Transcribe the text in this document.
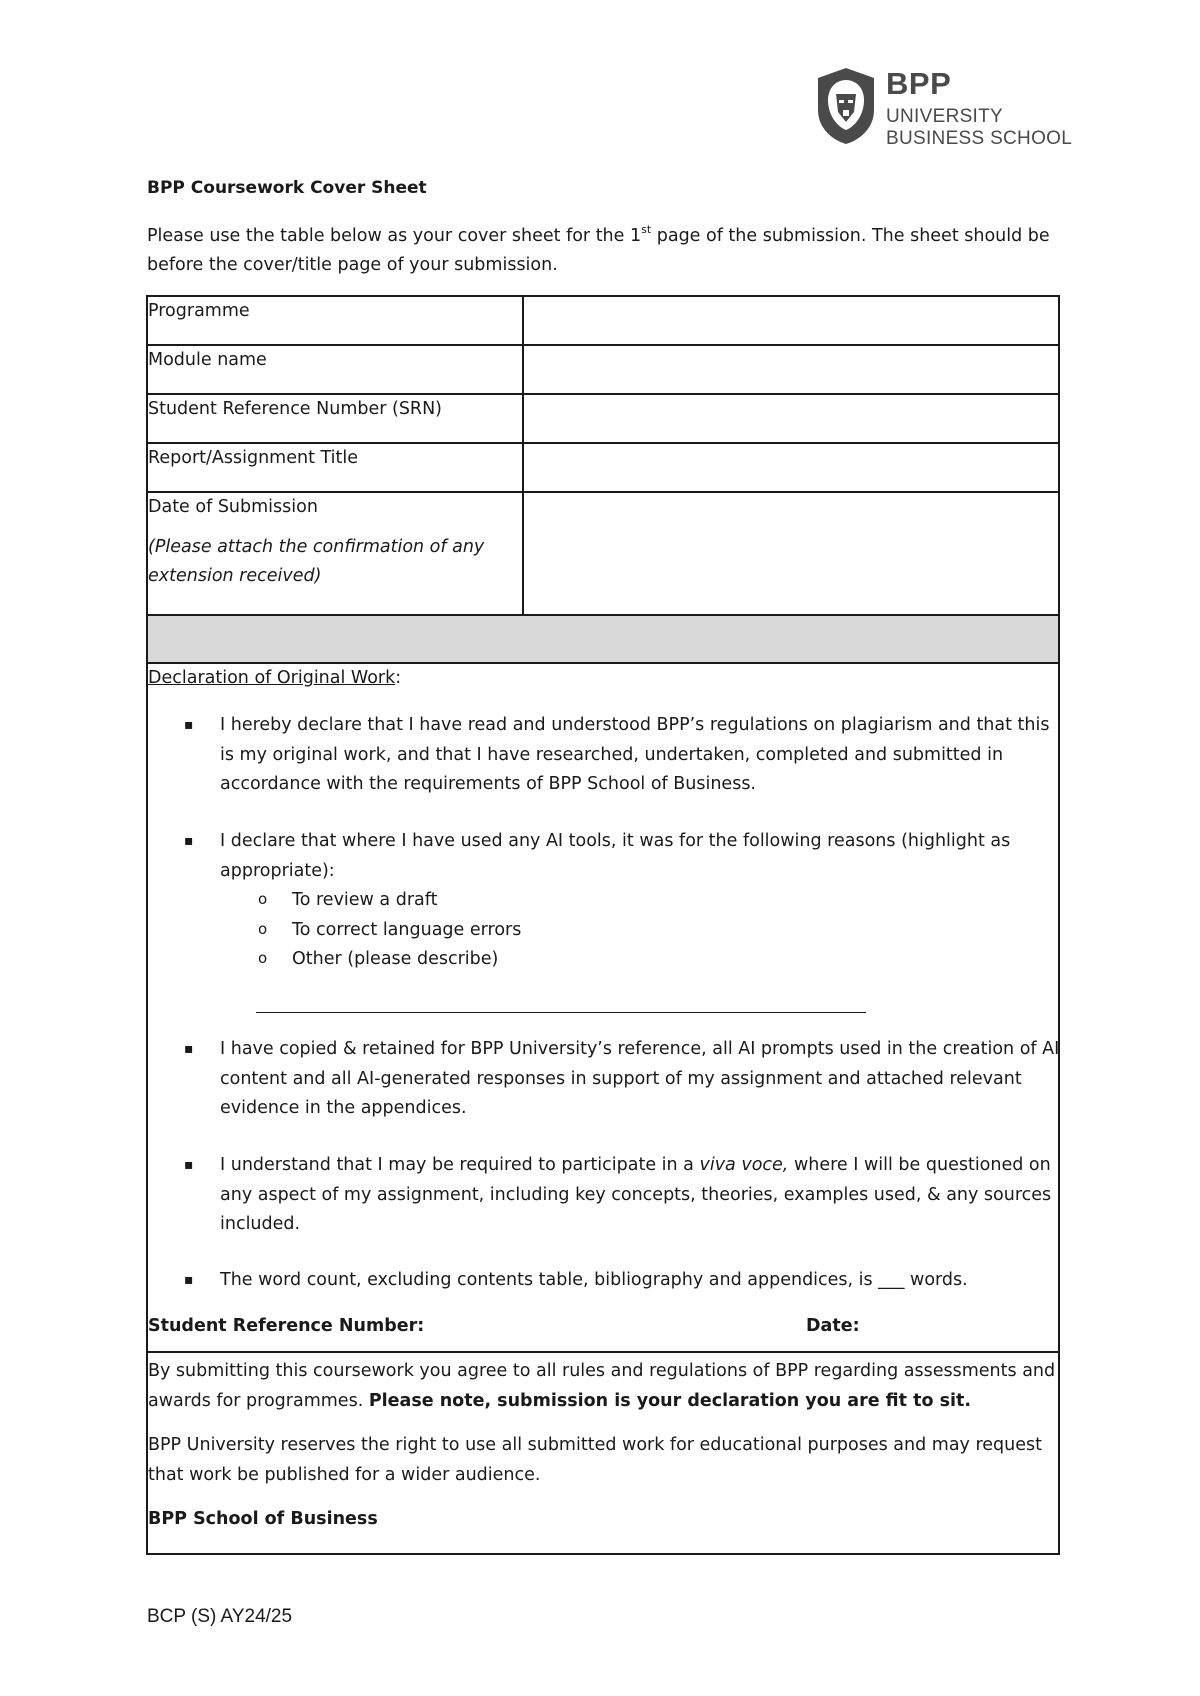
BPP
UNIVERSITY
BUSINESS SCHOOL
BPP Coursework Cover Sheet
Please use the table below as your cover sheet for the 1st page of the submission. The sheet should be before the cover/title page of your submission.
Programme
Module name
Student Reference Number (SRN)
Report/Assignment Title
Date of Submission
(Please attach the confirmation of any extension received)
Declaration of Original Work:
▪ I hereby declare that I have read and understood BPP’s regulations on plagiarism and that this is my original work, and that I have researched, undertaken, completed and submitted in accordance with the requirements of BPP School of Business.
▪ I declare that where I have used any AI tools, it was for the following reasons (highlight as appropriate):
o To review a draft
o To correct language errors
o Other (please describe)
▪ I have copied & retained for BPP University’s reference, all AI prompts used in the creation of AI content and all AI-generated responses in support of my assignment and attached relevant evidence in the appendices.
▪ I understand that I may be required to participate in a viva voce, where I will be questioned on any aspect of my assignment, including key concepts, theories, examples used, & any sources included.
▪ The word count, excluding contents table, bibliography and appendices, is ___ words.
Student Reference Number:	Date:

By submitting this coursework you agree to all rules and regulations of BPP regarding assessments and awards for programmes. Please note, submission is your declaration you are fit to sit.

BPP University reserves the right to use all submitted work for educational purposes and may request that work be published for a wider audience.

BPP School of Business

BCP (S) AY24/25
